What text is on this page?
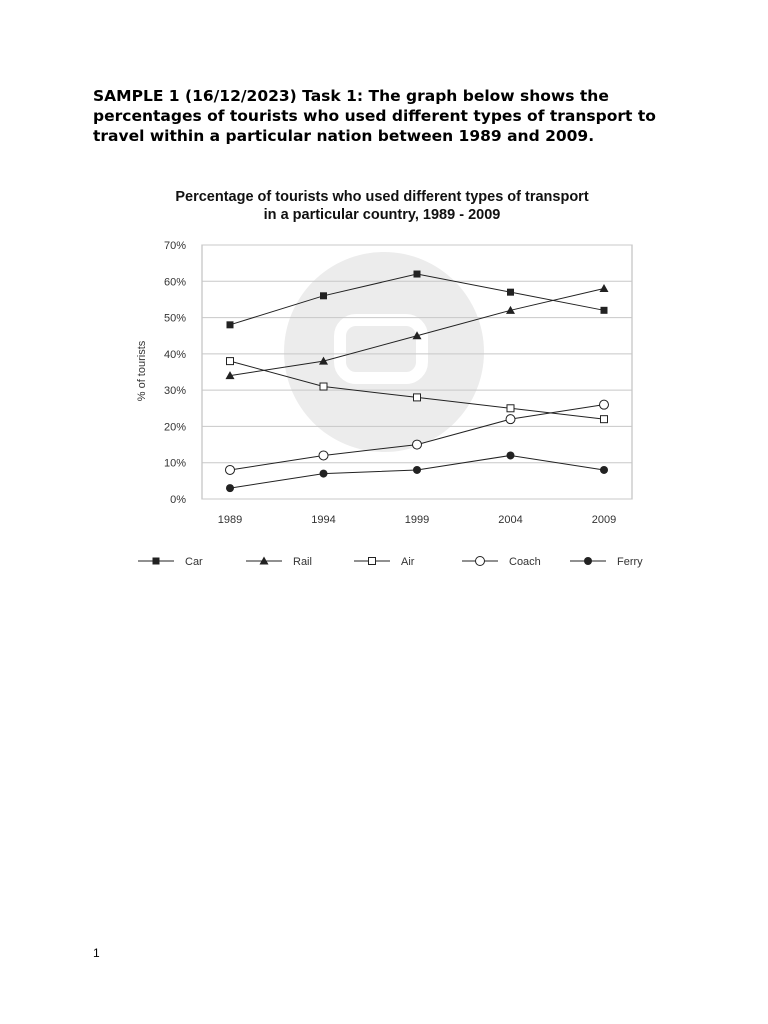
SAMPLE 1 (16/12/2023) Task 1: The graph below shows the percentages of tourists who used different types of transport to travel within a particular nation between 1989 and 2009.
Percentage of tourists who used different types of transport
in a particular country, 1989 - 2009
% of tourists
0%
10%
20%
30%
40%
50%
60%
70%
1989	1994	1999	2004	2009
Car	Rail	Air	Coach	Ferry
1
